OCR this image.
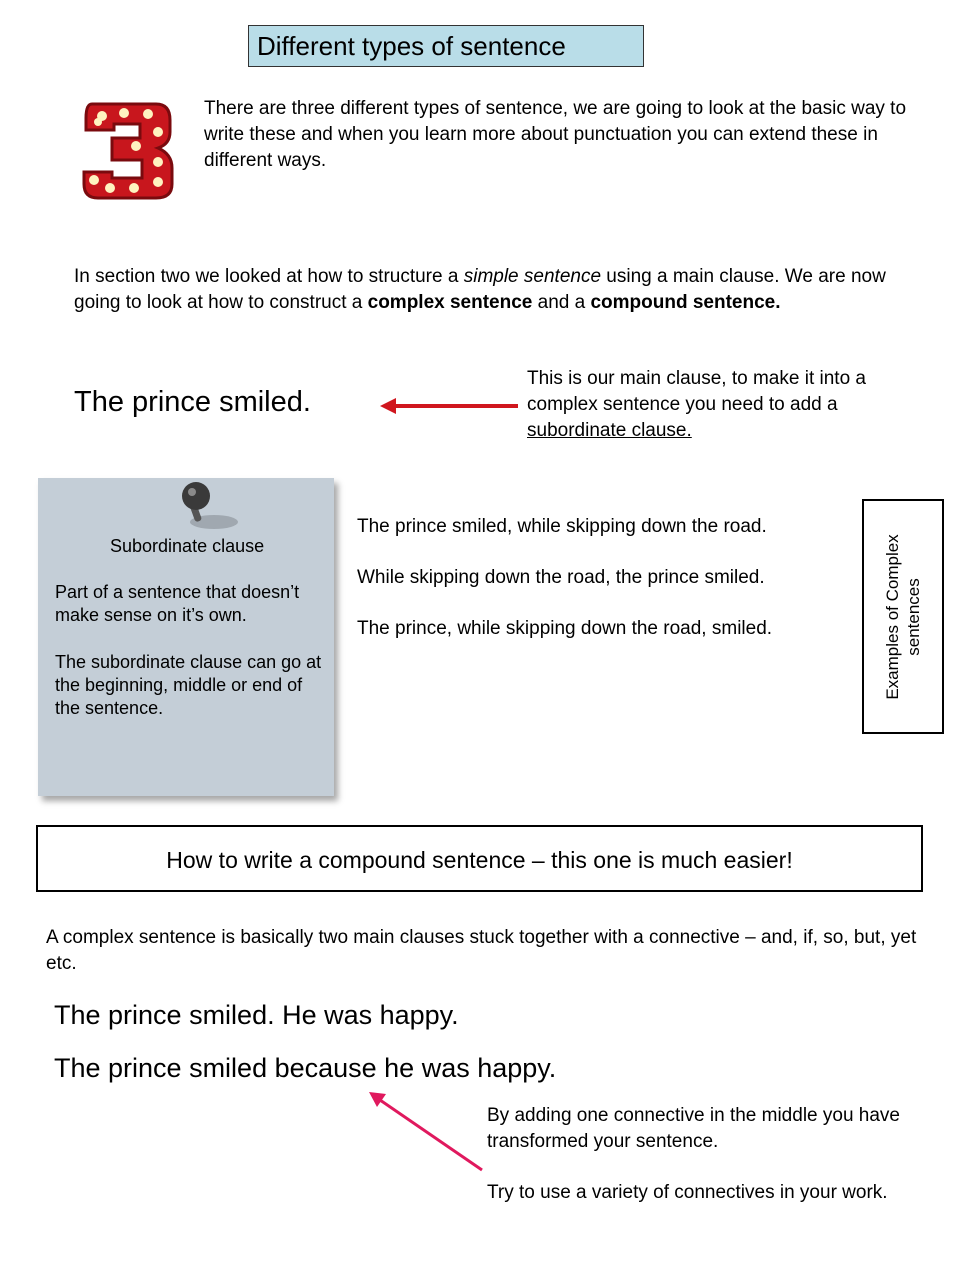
Different types of sentence
There are three different types of sentence, we are going to look at the basic way to write these and when you learn more about punctuation you can extend these in different ways.
In section two we looked at how to structure a simple sentence using a main clause. We are now going to look at how to construct a complex sentence and a compound sentence.
The prince smiled.
This is our main clause, to make it into a complex sentence you need to add a subordinate clause.
Subordinate clause
Part of a sentence that doesn’t make sense on it’s own.
The subordinate clause can go at the beginning, middle or end of the sentence.
The prince smiled, while skipping down the road.
While skipping down the road, the prince smiled.
The prince, while skipping down the road, smiled.	Examples of Complex sentences
How to write a compound sentence – this one is much easier!
A complex sentence is basically two main clauses stuck together with a connective – and, if, so, but, yet etc.
The prince smiled. He was happy.
The prince smiled because he was happy.
By adding one connective in the middle you have transformed your sentence.
Try to use a variety of connectives in your work.
